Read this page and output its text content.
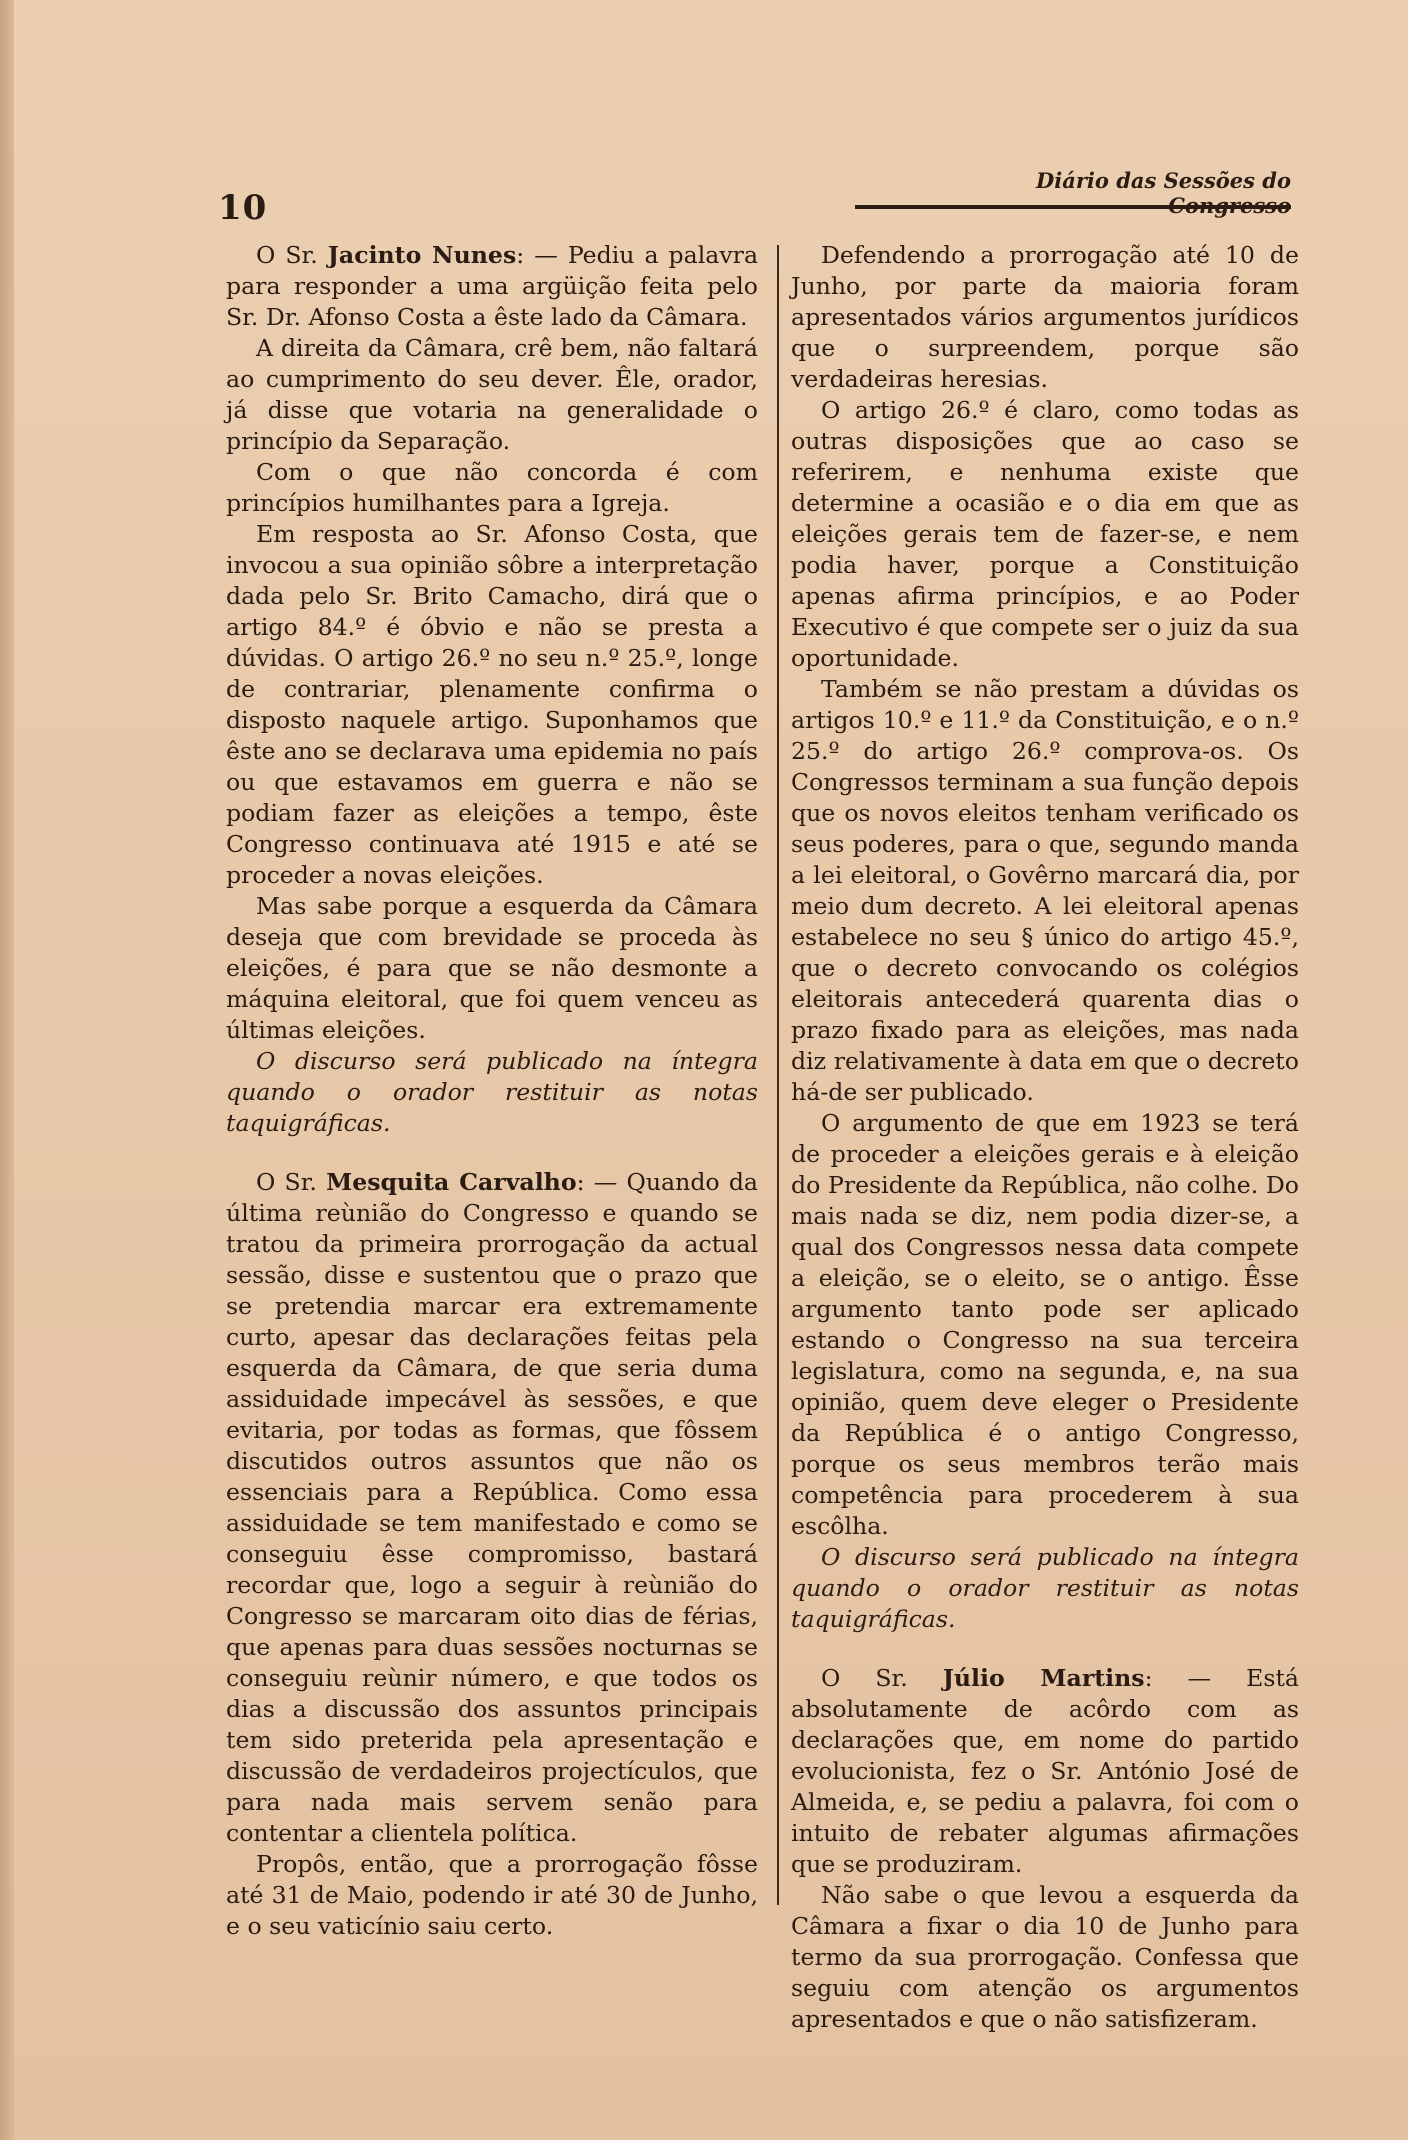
10
Diário das Sessões do

O Sr. Jacinto Nunes: — Pediu a palavra para responder a uma argüição feita pelo Sr. Dr. Afonso Costa a êste lado da Câmara.

A direita da Câmara, crê bem, não faltará ao cumprimento do seu dever. Êle, orador, já disse que votaria na generalidade o princípio da Separação.

Com o que não concorda é com princípios humilhantes para a Igreja.

Em resposta ao Sr. Afonso Costa, que invocou a sua opinião sôbre a interpretação dada pelo Sr. Brito Camacho, dirá que o artigo 84.º é óbvio e não se presta a dúvidas. O artigo 26.º no seu n.º 25.º, longe de contrariar, plenamente confirma o disposto naquele artigo. Suponhamos que êste ano se declarava uma epidemia no país ou que estavamos em guerra e não se podiam fazer as eleições a tempo, êste Congresso continuava até 1915 e até se proceder a novas eleições.

Mas sabe porque a esquerda da Câmara deseja que com brevidade se proceda às eleições, é para que se não desmonte a máquina eleitoral, que foi quem venceu as últimas eleições.

O discurso será publicado na íntegra quando o orador restituir as notas taquigráficas.

O Sr. Mesquita Carvalho: — Quando da última reùnião do Congresso e quando se tratou da primeira prorrogação da actual sessão, disse e sustentou que o prazo que se pretendia marcar era extremamente curto, apesar das declarações feitas pela esquerda da Câmara, de que seria duma assiduidade impecável às sessões, e que evitaria, por todas as formas, que fôssem discutidos outros assuntos que não os essenciais para a República. Como essa assiduidade se tem manifestado e como se conseguiu êsse compromisso, bastará recordar que, logo a seguir à reùnião do Congresso se marcaram oito dias de férias, que apenas para duas sessões nocturnas se conseguiu reùnir número, e que todos os dias a discussão dos assuntos principais tem sido preterida pela apresentação e discussão de verdadeiros projectículos, que para nada mais servem senão para contentar a clientela política.

Propôs, então, que a prorrogação fôsse até 31 de Maio, podendo ir até 30 de Junho, e o seu vaticínio saiu certo.

Defendendo a prorrogação até 10 de Junho, por parte da maioria foram apresentados vários argumentos jurídicos que o surpreendem, porque são verdadeiras heresias.

O artigo 26.º é claro, como todas as outras disposições que ao caso se referirem, e nenhuma existe que determine a ocasião e o dia em que as eleições gerais tem de fazer-se, e nem podia haver, porque a Constituição apenas afirma princípios, e ao Poder Executivo é que compete ser o juiz da sua oportunidade.

Também se não prestam a dúvidas os artigos 10.º e 11.º da Constituição, e o n.º 25.º do artigo 26.º comprova-os. Os Congressos terminam a sua função depois que os novos eleitos tenham verificado os seus poderes, para o que, segundo manda a lei eleitoral, o Govêrno marcará dia, por meio dum decreto. A lei eleitoral apenas estabelece no seu § único do artigo 45.º, que o decreto convocando os colégios eleitorais antecederá quarenta dias o prazo fixado para as eleições, mas nada diz relativamente à data em que o decreto há-de ser publicado.

O argumento de que em 1923 se terá de proceder a eleições gerais e à eleição do Presidente da República, não colhe. Do mais nada se diz, nem podia dizer-se, a qual dos Congressos nessa data compete a eleição, se o eleito, se o antigo. Êsse argumento tanto pode ser aplicado estando o Congresso na sua terceira legislatura, como na segunda, e, na sua opinião, quem deve eleger o Presidente da República é o antigo Congresso, porque os seus membros terão mais competência para procederem à sua escôlha.

O discurso será publicado na íntegra quando o orador restituir as notas taquigráficas.

O Sr. Júlio Martins: — Está absolutamente de acôrdo com as declarações que, em nome do partido evolucionista, fez o Sr. António José de Almeida, e, se pediu a palavra, foi com o intuito de rebater algumas afirmações que se produziram.

Não sabe o que levou a esquerda da Câmara a fixar o dia 10 de Junho para termo da sua prorrogação. Confessa que seguiu com atenção os argumentos apresentados e que o não satisfizeram.
